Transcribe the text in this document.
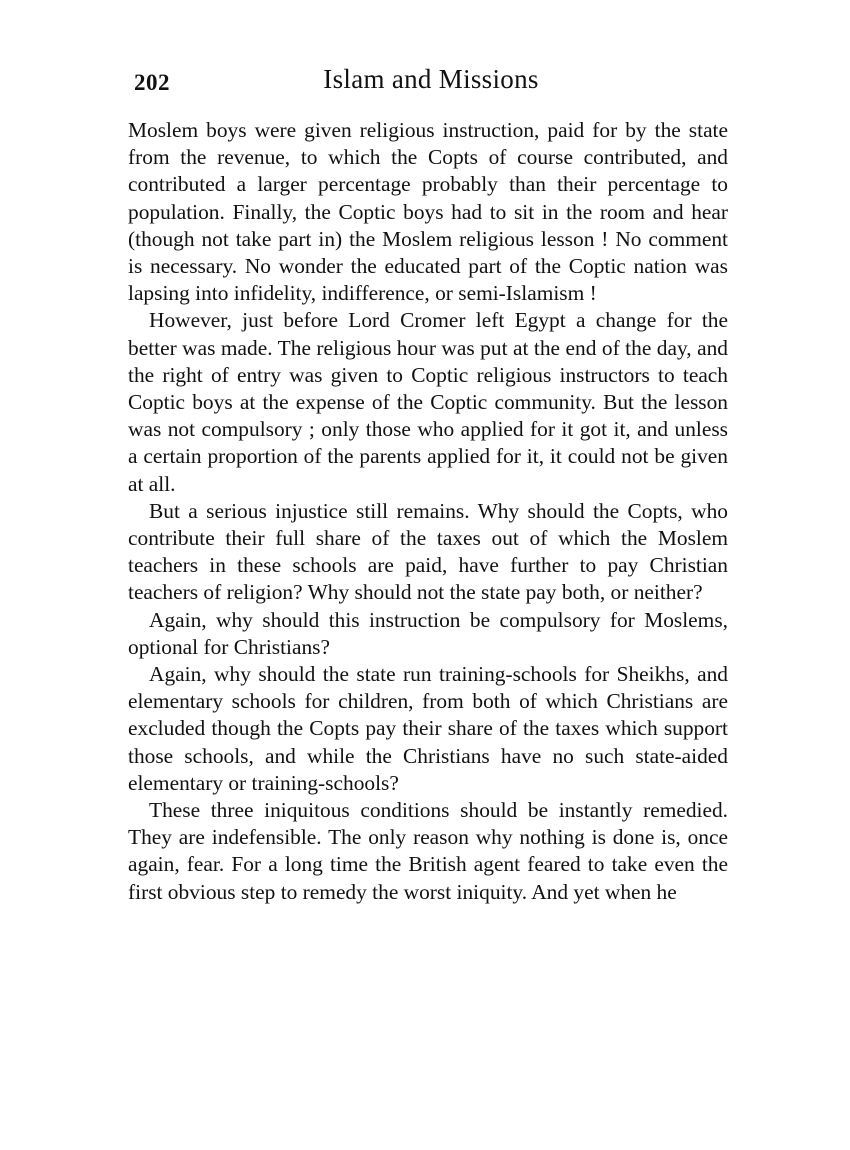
202	Islam and Missions

Moslem boys were given religious instruction, paid for by the state from the revenue, to which the Copts of course contributed, and contributed a larger percentage probably than their percentage to population. Finally, the Coptic boys had to sit in the room and hear (though not take part in) the Moslem religious lesson ! No comment is necessary. No wonder the educated part of the Coptic nation was lapsing into infidelity, indifference, or semi-Islamism !

However, just before Lord Cromer left Egypt a change for the better was made. The religious hour was put at the end of the day, and the right of entry was given to Coptic religious instructors to teach Coptic boys at the expense of the Coptic community. But the lesson was not compulsory ; only those who applied for it got it, and unless a certain proportion of the parents applied for it, it could not be given at all.

But a serious injustice still remains. Why should the Copts, who contribute their full share of the taxes out of which the Moslem teachers in these schools are paid, have further to pay Christian teachers of religion? Why should not the state pay both, or neither?

Again, why should this instruction be compulsory for Moslems, optional for Christians?

Again, why should the state run training-schools for Sheikhs, and elementary schools for children, from both of which Christians are excluded though the Copts pay their share of the taxes which support those schools, and while the Christians have no such state-aided elementary or training-schools?

These three iniquitous conditions should be instantly remedied. They are indefensible. The only reason why nothing is done is, once again, fear. For a long time the British agent feared to take even the first obvious step to remedy the worst iniquity. And yet when he
